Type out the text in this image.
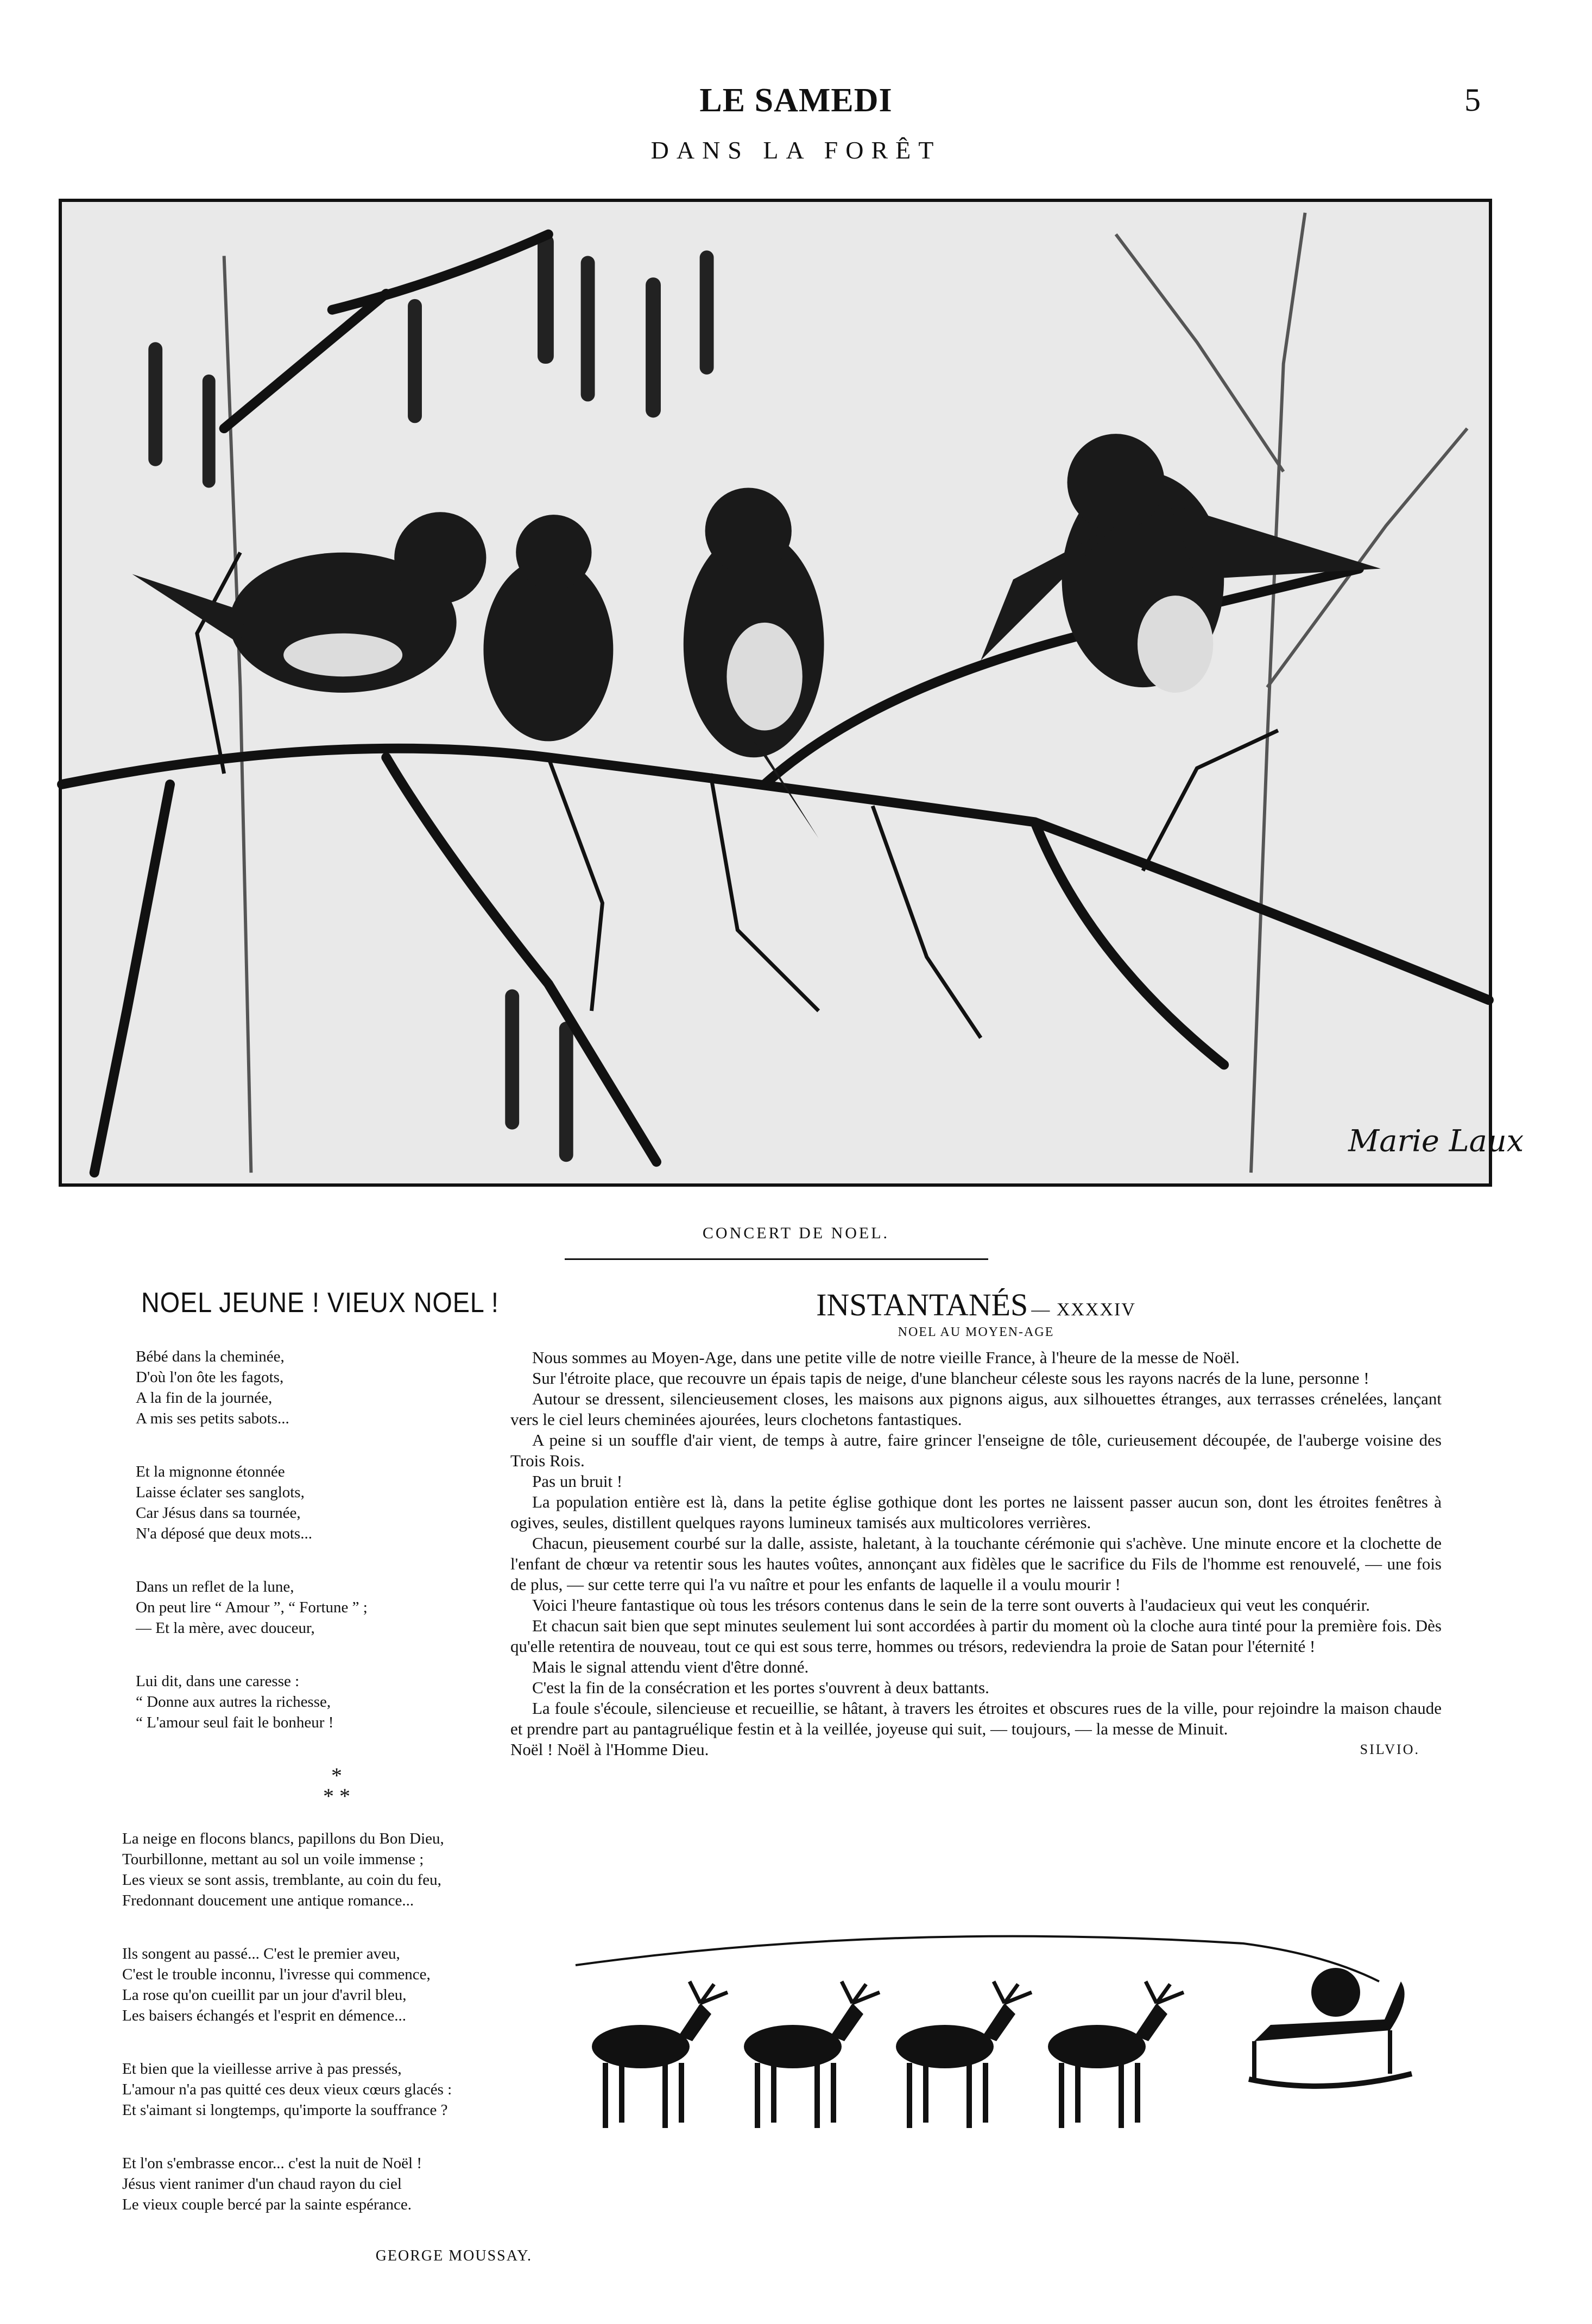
LE SAMEDI	5
DANS LA FORÊT
Marie Laux
CONCERT DE NOEL.
NOEL JEUNE ! VIEUX NOEL !
Bébé dans la cheminée,
D'où l'on ôte les fagots,
A la fin de la journée,
A mis ses petits sabots...
Et la mignonne étonnée
Laisse éclater ses sanglots,
Car Jésus dans sa tournée,
N'a déposé que deux mots...
Dans un reflet de la lune,
On peut lire “ Amour ”, “ Fortune ” ;
— Et la mère, avec douceur,
Lui dit, dans une caresse :
“ Donne aux autres la richesse,
“ L'amour seul fait le bonheur !
*
* *
La neige en flocons blancs, papillons du Bon Dieu,
Tourbillonne, mettant au sol un voile immense ;
Les vieux se sont assis, tremblante, au coin du feu,
Fredonnant doucement une antique romance...
Ils songent au passé... C'est le premier aveu,
C'est le trouble inconnu, l'ivresse qui commence,
La rose qu'on cueillit par un jour d'avril bleu,
Les baisers échangés et l'esprit en démence...
Et bien que la vieillesse arrive à pas pressés,
L'amour n'a pas quitté ces deux vieux cœurs glacés :
Et s'aimant si longtemps, qu'importe la souffrance ?
Et l'on s'embrasse encor... c'est la nuit de Noël !
Jésus vient ranimer d'un chaud rayon du ciel
Le vieux couple bercé par la sainte espérance.
GEORGE MOUSSAY.
INSTANTANÉS — XXXXIV
NOEL AU MOYEN-AGE

Nous sommes au Moyen-Age, dans une petite ville de notre vieille France, à l'heure de la messe de Noël.

Sur l'étroite place, que recouvre un épais tapis de neige, d'une blancheur céleste sous les rayons nacrés de la lune, personne !

Autour se dressent, silencieusement closes, les maisons aux pignons aigus, aux silhouettes étranges, aux terrasses crénelées, lançant vers le ciel leurs cheminées ajourées, leurs clochetons fantastiques.

A peine si un souffle d'air vient, de temps à autre, faire grincer l'enseigne de tôle, curieusement découpée, de l'auberge voisine des Trois Rois.

Pas un bruit !

La population entière est là, dans la petite église gothique dont les portes ne laissent passer aucun son, dont les étroites fenêtres à ogives, seules, distillent quelques rayons lumineux tamisés aux multicolores verrières.

Chacun, pieusement courbé sur la dalle, assiste, haletant, à la touchante cérémonie qui s'achève. Une minute encore et la clochette de l'enfant de chœur va retentir sous les hautes voûtes, annonçant aux fidèles que le sacrifice du Fils de l'homme est renouvelé, — une fois de plus, — sur cette terre qui l'a vu naître et pour les enfants de laquelle il a voulu mourir !

Voici l'heure fantastique où tous les trésors contenus dans le sein de la terre sont ouverts à l'audacieux qui veut les conquérir.

Et chacun sait bien que sept minutes seulement lui sont accordées à partir du moment où la cloche aura tinté pour la première fois. Dès qu'elle retentira de nouveau, tout ce qui est sous terre, hommes ou trésors, redeviendra la proie de Satan pour l'éternité !

Mais le signal attendu vient d'être donné.

C'est la fin de la consécration et les portes s'ouvrent à deux battants.

La foule s'écoule, silencieuse et recueillie, se hâtant, à travers les étroites et obscures rues de la ville, pour rejoindre la maison chaude et prendre part au pantagruélique festin et à la veillée, joyeuse qui suit, — toujours, — la messe de Minuit.

Noël ! Noël à l'Homme Dieu.	SILVIO.
